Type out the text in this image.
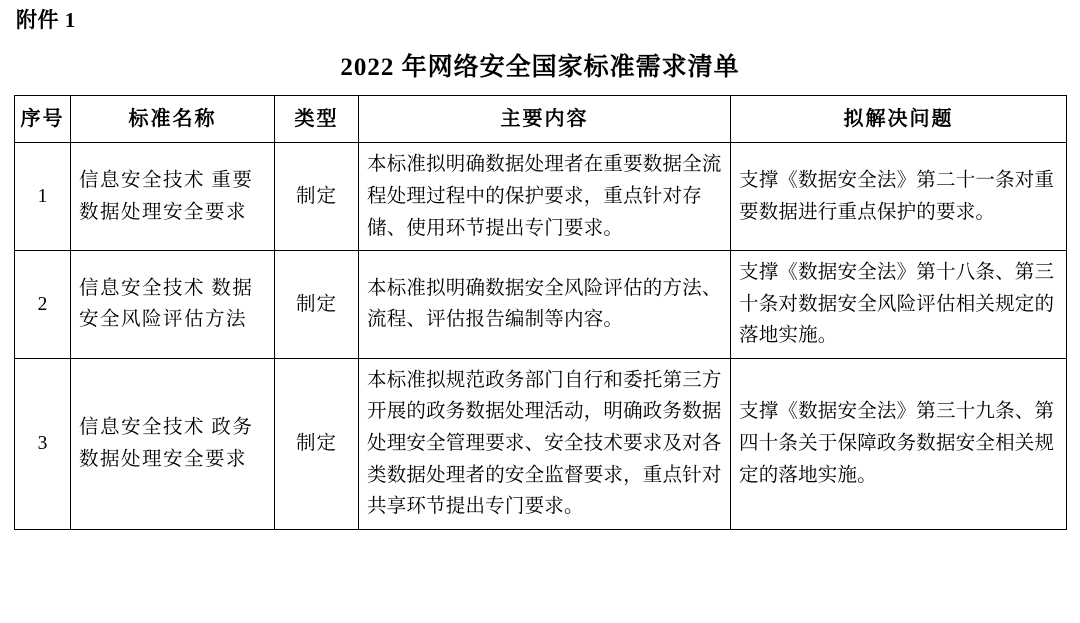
附件 1
2022 年网络安全国家标准需求清单
序号	标准名称	类型	主要内容	拟解决问题
1	信息安全技术 重要数据处理安全要求	制定	本标准拟明确数据处理者在重要数据全流程处理过程中的保护要求，重点针对存储、使用环节提出专门要求。	支撑《数据安全法》第二十一条对重要数据进行重点保护的要求。
2	信息安全技术 数据安全风险评估方法	制定	本标准拟明确数据安全风险评估的方法、流程、评估报告编制等内容。	支撑《数据安全法》第十八条、第三十条对数据安全风险评估相关规定的落地实施。
3	信息安全技术 政务数据处理安全要求	制定	本标准拟规范政务部门自行和委托第三方开展的政务数据处理活动，明确政务数据处理安全管理要求、安全技术要求及对各类数据处理者的安全监督要求，重点针对共享环节提出专门要求。	支撑《数据安全法》第三十九条、第四十条关于保障政务数据安全相关规定的落地实施。
